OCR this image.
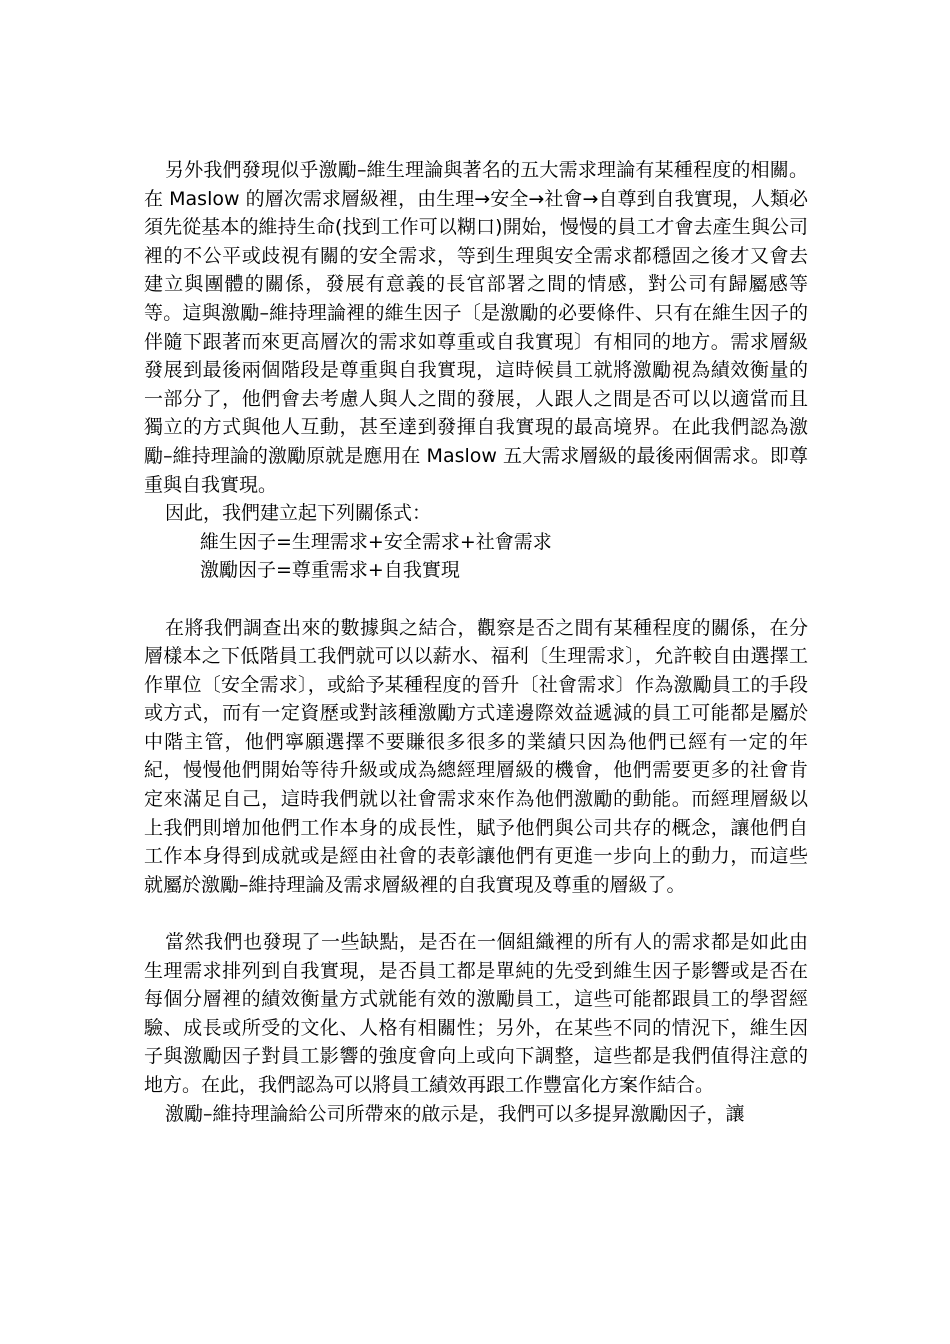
另外我們發現似乎激勵–維生理論與著名的五大需求理論有某種程度的相關。在 Maslow 的層次需求層級裡，由生理→安全→社會→自尊到自我實現，人類必須先從基本的維持生命(找到工作可以糊口)開始，慢慢的員工才會去產生與公司裡的不公平或歧視有關的安全需求，等到生理與安全需求都穩固之後才又會去建立與團體的關係，發展有意義的長官部署之間的情感，對公司有歸屬感等等。這與激勵–維持理論裡的維生因子〔是激勵的必要條件、只有在維生因子的伴隨下跟著而來更高層次的需求如尊重或自我實現〕有相同的地方。需求層級發展到最後兩個階段是尊重與自我實現，這時候員工就將激勵視為績效衡量的一部分了，他們會去考慮人與人之間的發展，人跟人之間是否可以以適當而且獨立的方式與他人互動，甚至達到發揮自我實現的最高境界。在此我們認為激勵–維持理論的激勵原就是應用在 Maslow 五大需求層級的最後兩個需求。即尊重與自我實現。

因此，我們建立起下列關係式：

維生因子=生理需求+安全需求+社會需求

激勵因子=尊重需求+自我實現

在將我們調查出來的數據與之結合，觀察是否之間有某種程度的關係，在分層樣本之下低階員工我們就可以以薪水、福利〔生理需求〕，允許較自由選擇工作單位〔安全需求〕，或給予某種程度的晉升〔社會需求〕作為激勵員工的手段或方式，而有一定資歷或對該種激勵方式達邊際效益遞減的員工可能都是屬於中階主管，他們寧願選擇不要賺很多很多的業績只因為他們已經有一定的年紀，慢慢他們開始等待升級或成為總經理層級的機會，他們需要更多的社會肯定來滿足自己，這時我們就以社會需求來作為他們激勵的動能。而經理層級以上我們則增加他們工作本身的成長性，賦予他們與公司共存的概念，讓他們自工作本身得到成就或是經由社會的表彰讓他們有更進一步向上的動力，而這些就屬於激勵–維持理論及需求層級裡的自我實現及尊重的層級了。

當然我們也發現了一些缺點，是否在一個組織裡的所有人的需求都是如此由生理需求排列到自我實現，是否員工都是單純的先受到維生因子影響或是否在每個分層裡的績效衡量方式就能有效的激勵員工，這些可能都跟員工的學習經驗、成長或所受的文化、人格有相關性；另外，在某些不同的情況下，維生因子與激勵因子對員工影響的強度會向上或向下調整，這些都是我們值得注意的地方。在此，我們認為可以將員工績效再跟工作豐富化方案作結合。

激勵–維持理論給公司所帶來的啟示是，我們可以多提昇激勵因子，讓
